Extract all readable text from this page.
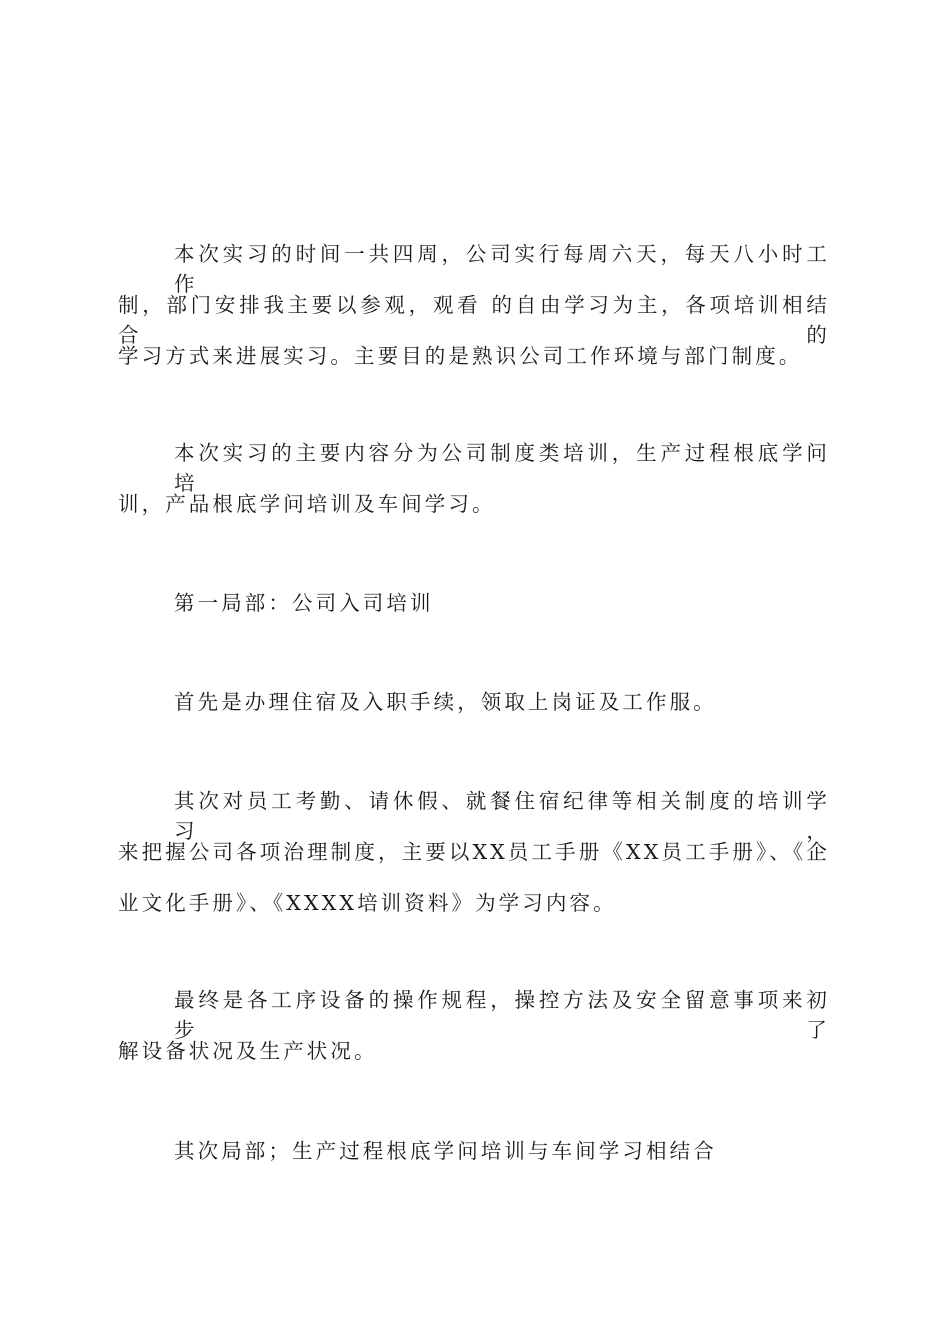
本次实习的时间一共四周，公司实行每周六天，每天八小时工作
制，部门安排我主要以参观，观看 的自由学习为主，各项培训相结合的
学习方式来进展实习。主要目的是熟识公司工作环境与部门制度。
本次实习的主要内容分为公司制度类培训，生产过程根底学问培
训，产品根底学问培训及车间学习。
第一局部：公司入司培训
首先是办理住宿及入职手续，领取上岗证及工作服。
其次对员工考勤、请休假、就餐住宿纪律等相关制度的培训学习，
来把握公司各项治理制度，主要以XX员工手册《XX员工手册》、《企
业文化手册》、《XXXX培训资料》为学习内容。
最终是各工序设备的操作规程，操控方法及安全留意事项来初步了
解设备状况及生产状况。
其次局部；生产过程根底学问培训与车间学习相结合
